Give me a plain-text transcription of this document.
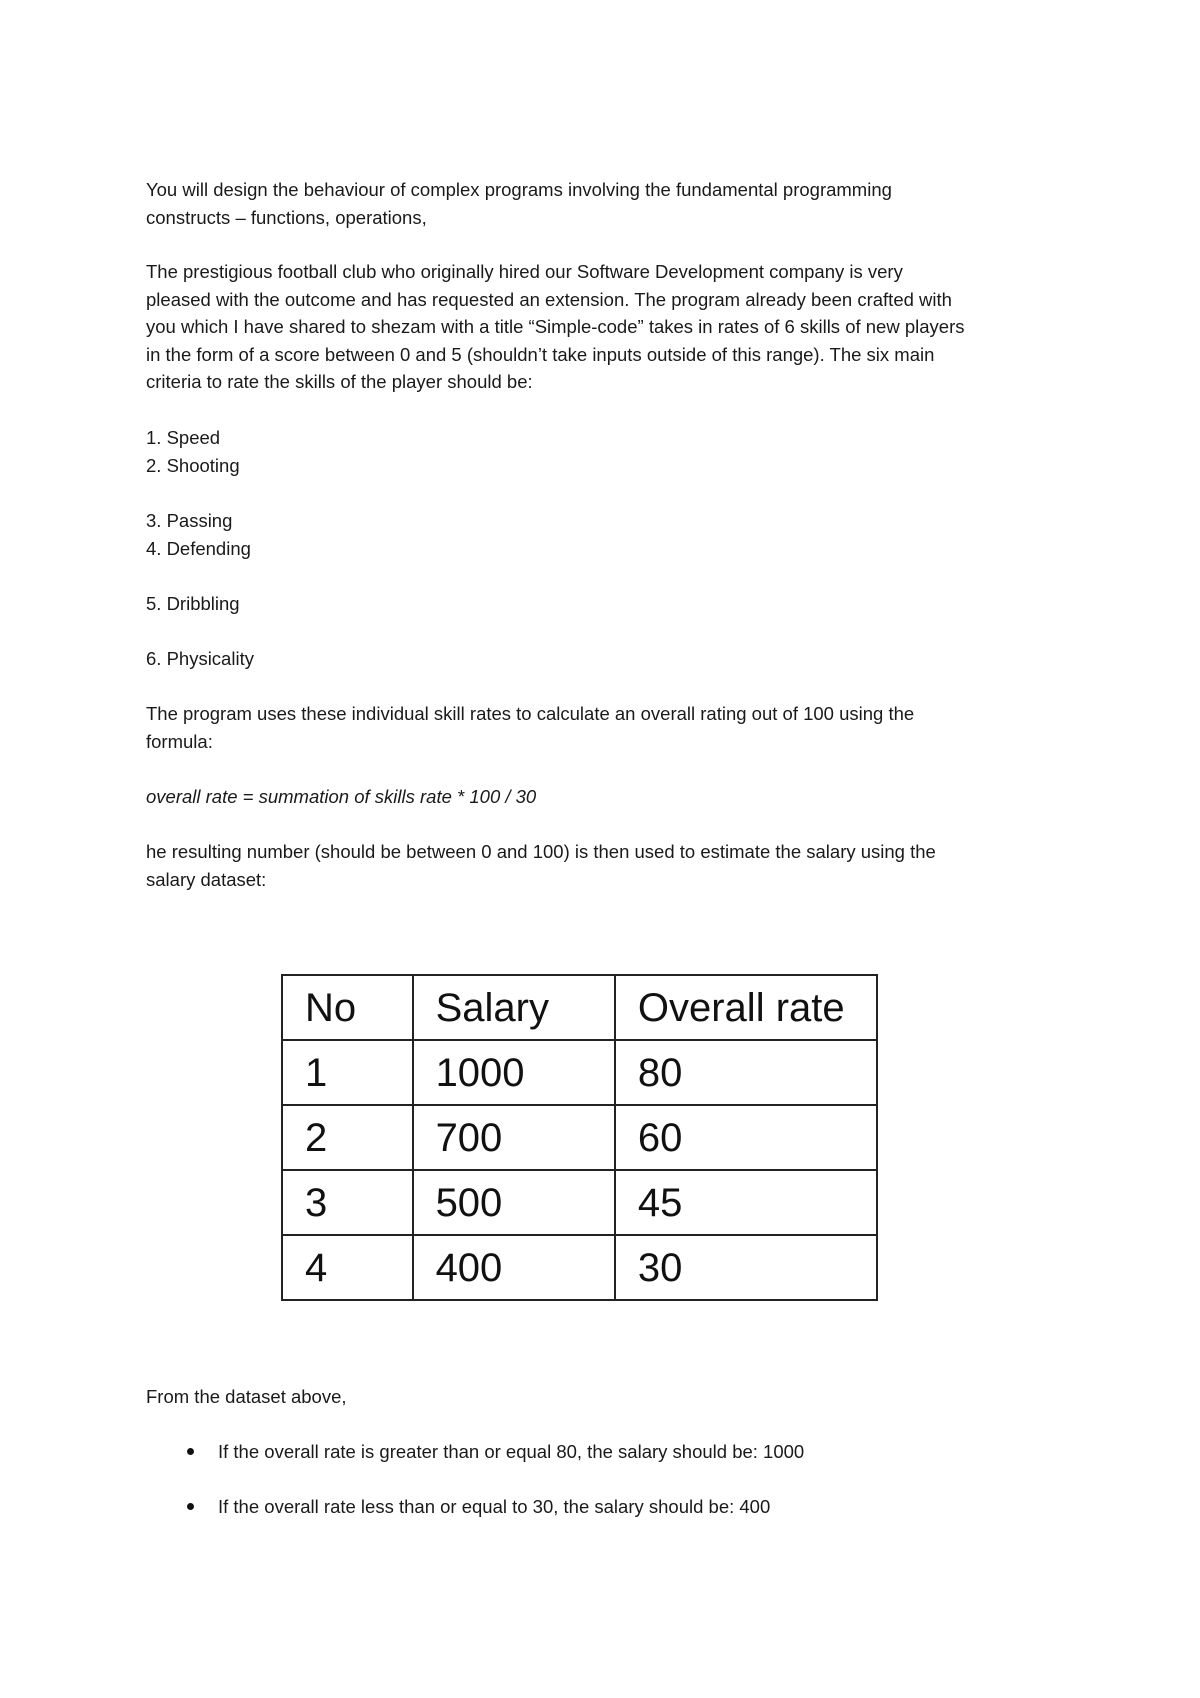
You will design the behaviour of complex programs involving the fundamental programming

constructs – functions, operations,

The prestigious football club who originally hired our Software Development company is very

pleased with the outcome and has requested an extension. The program already been crafted with

you which I have shared to shezam with a title “Simple-code” takes in rates of 6 skills of new players

in the form of a score between 0 and 5 (shouldn’t take inputs outside of this range). The six main

criteria to rate the skills of the player should be:

1. Speed

2. Shooting

3. Passing

4. Defending

5. Dribbling

6. Physicality

The program uses these individual skill rates to calculate an overall rating out of 100 using the

formula:

overall rate = summation of skills rate * 100 / 30

he resulting number (should be between 0 and 100) is then used to estimate the salary using the

salary dataset:

No	Salary	Overall rate
1	1000	80
2	700	60
3	500	45
4	400	30

From the dataset above,

If the overall rate is greater than or equal 80, the salary should be: 1000
If the overall rate less than or equal to 30, the salary should be: 400
